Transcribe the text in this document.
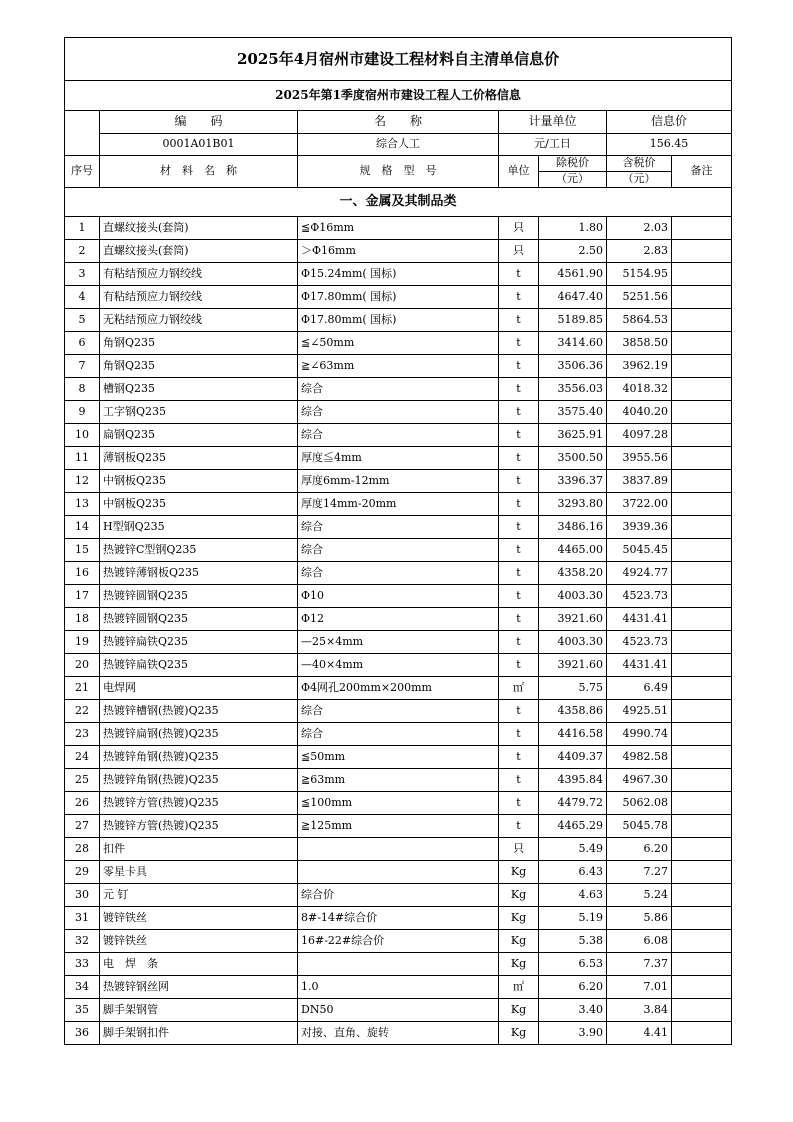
2025年4月宿州市建设工程材料自主清单信息价						
2025年第1季度宿州市建设工程人工价格信息						
	编　　码	名　　称	计量单位		信息价	
	0001A01B01	综合人工	元/工日		156.45	
序号	材　料　名　称	规　格　型　号	单位	除税价	含税价	备注
				（元）	（元）	
一、金属及其制品类						
1	直螺纹接头(套筒)	≦Φ16mm	只	1.80	2.03	
2	直螺纹接头(套筒)	＞Φ16mm	只	2.50	2.83	
3	有粘结预应力钢绞线	Φ15.24mm( 国标)	t	4561.90	5154.95	
4	有粘结预应力钢绞线	Φ17.80mm( 国标)	t	4647.40	5251.56	
5	无粘结预应力钢绞线	Φ17.80mm( 国标)	t	5189.85	5864.53	
6	角钢Q235	≦∠50mm	t	3414.60	3858.50	
7	角钢Q235	≧∠63mm	t	3506.36	3962.19	
8	槽钢Q235	综合	t	3556.03	4018.32	
9	工字钢Q235	综合	t	3575.40	4040.20	
10	扁钢Q235	综合	t	3625.91	4097.28	
11	薄钢板Q235	厚度≦4mm	t	3500.50	3955.56	
12	中钢板Q235	厚度6mm-12mm	t	3396.37	3837.89	
13	中钢板Q235	厚度14mm-20mm	t	3293.80	3722.00	
14	H型钢Q235	综合	t	3486.16	3939.36	
15	热镀锌C型钢Q235	综合	t	4465.00	5045.45	
16	热镀锌薄钢板Q235	综合	t	4358.20	4924.77	
17	热镀锌圆钢Q235	Φ10	t	4003.30	4523.73	
18	热镀锌圆钢Q235	Φ12	t	3921.60	4431.41	
19	热镀锌扁铁Q235	—25×4mm	t	4003.30	4523.73	
20	热镀锌扁铁Q235	—40×4mm	t	3921.60	4431.41	
21	电焊网	Φ4网孔200mm×200mm	㎡	5.75	6.49	
22	热镀锌槽钢(热镀)Q235	综合	t	4358.86	4925.51	
23	热镀锌扁钢(热镀)Q235	综合	t	4416.58	4990.74	
24	热镀锌角钢(热镀)Q235	≦50mm	t	4409.37	4982.58	
25	热镀锌角钢(热镀)Q235	≧63mm	t	4395.84	4967.30	
26	热镀锌方管(热镀)Q235	≦100mm	t	4479.72	5062.08	
27	热镀锌方管(热镀)Q235	≧125mm	t	4465.29	5045.78	
28	扣件		只	5.49	6.20	
29	零星卡具		Kg	6.43	7.27	
30	元 钉	综合价	Kg	4.63	5.24	
31	镀锌铁丝	8#-14#综合价	Kg	5.19	5.86	
32	镀锌铁丝	16#-22#综合价	Kg	5.38	6.08	
33	电　焊　条		Kg	6.53	7.37	
34	热镀锌钢丝网	1.0	㎡	6.20	7.01	
35	脚手架钢管	DN50	Kg	3.40	3.84	
36	脚手架钢扣件	对接、直角、旋转	Kg	3.90	4.41	
